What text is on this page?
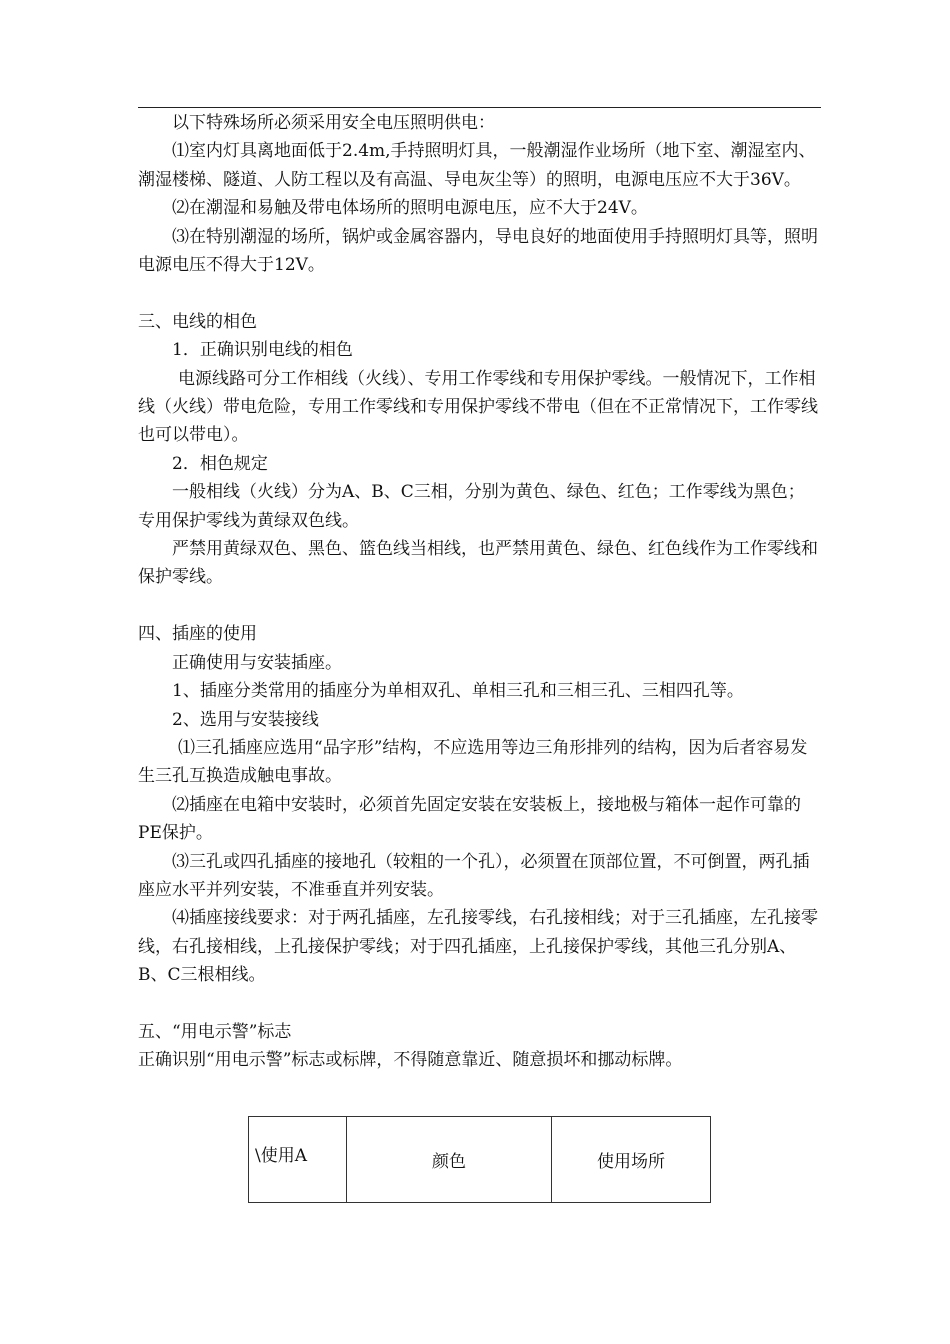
以下特殊场所必须采用安全电压照明供电：

⑴室内灯具离地面低于2.4m,手持照明灯具，一般潮湿作业场所（地下室、潮湿室内、潮湿楼梯、隧道、人防工程以及有高温、导电灰尘等）的照明，电源电压应不大于36V。

⑵在潮湿和易触及带电体场所的照明电源电压，应不大于24V。

⑶在特别潮湿的场所，锅炉或金属容器内，导电良好的地面使用手持照明灯具等，照明电源电压不得大于12V。

三、电线的相色

1．正确识别电线的相色

电源线路可分工作相线（火线）、专用工作零线和专用保护零线。一般情况下，工作相线（火线）带电危险，专用工作零线和专用保护零线不带电（但在不正常情况下，工作零线也可以带电）。

2．相色规定

一般相线（火线）分为A、B、C三相，分别为黄色、绿色、红色；工作零线为黑色；专用保护零线为黄绿双色线。

严禁用黄绿双色、黑色、篮色线当相线，也严禁用黄色、绿色、红色线作为工作零线和保护零线。

四、插座的使用

正确使用与安装插座。

1、插座分类常用的插座分为单相双孔、单相三孔和三相三孔、三相四孔等。

2、选用与安装接线

⑴三孔插座应选用“品字形”结构，不应选用等边三角形排列的结构，因为后者容易发生三孔互换造成触电事故。

⑵插座在电箱中安装时，必须首先固定安装在安装板上，接地极与箱体一起作可靠的PE保护。

⑶三孔或四孔插座的接地孔（较粗的一个孔），必须置在顶部位置，不可倒置，两孔插座应水平并列安装，不准垂直并列安装。

⑷插座接线要求：对于两孔插座，左孔接零线，右孔接相线；对于三孔插座，左孔接零线，右孔接相线，上孔接保护零线；对于四孔插座，上孔接保护零线，其他三孔分别A、B、C三根相线。

五、“用电示警”标志

正确识别“用电示警”标志或标牌，不得随意靠近、随意损坏和挪动标牌。

\使用A	颜色	使用场所
